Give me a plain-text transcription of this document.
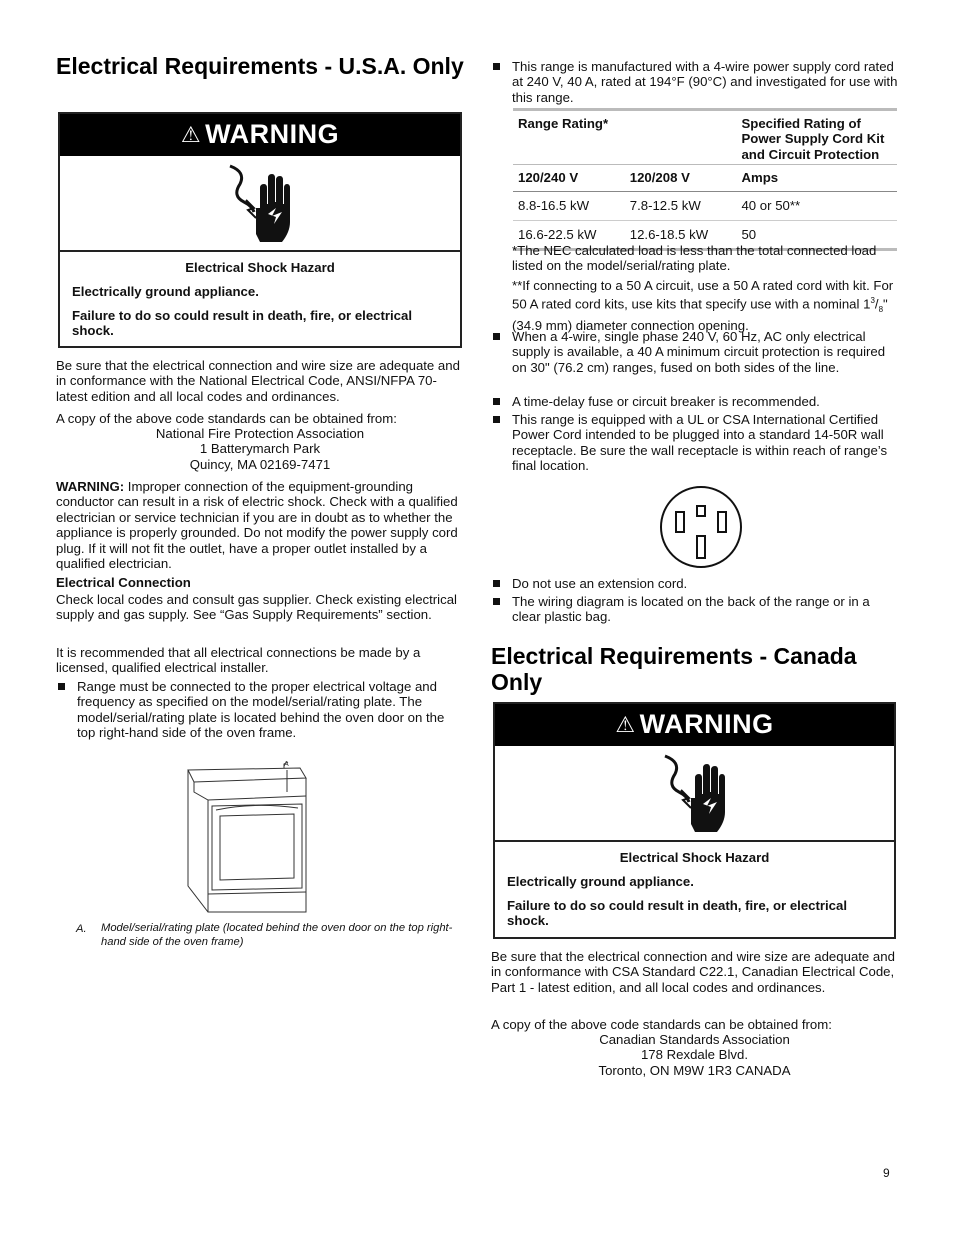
Electrical Requirements - U.S.A. Only
⚠ WARNING

Electrical Shock Hazard

Electrically ground appliance.

Failure to do so could result in death, fire, or electrical shock.

Be sure that the electrical connection and wire size are adequate and in conformance with the National Electrical Code, ANSI/NFPA 70-latest edition and all local codes and ordinances.

A copy of the above code standards can be obtained from:

National Fire Protection Association
1 Batterymarch Park
Quincy, MA 02169-7471

WARNING: Improper connection of the equipment-grounding conductor can result in a risk of electric shock. Check with a qualified electrician or service technician if you are in doubt as to whether the appliance is properly grounded. Do not modify the power supply cord plug. If it will not fit the outlet, have a proper outlet installed by a qualified electrician.

Electrical Connection

Check local codes and consult gas supplier. Check existing electrical supply and gas supply. See “Gas Supply Requirements” section.

It is recommended that all electrical connections be made by a licensed, qualified electrical installer.

Range must be connected to the proper electrical voltage and frequency as specified on the model/serial/rating plate. The model/serial/rating plate is located behind the oven door on the top right-hand side of the oven frame.

A

A.	Model/serial/rating plate (located behind the oven door on the top right-hand side of the oven frame)

This range is manufactured with a 4-wire power supply cord rated at 240 V, 40 A, rated at 194°F (90°C) and investigated for use with this range.

Range Rating*		Specified Rating of Power Supply Cord Kit and Circuit Protection
120/240 V	120/208 V	Amps
8.8-16.5 kW	7.8-12.5 kW	40 or 50**
16.6-22.5 kW	12.6-18.5 kW	50

*The NEC calculated load is less than the total connected load listed on the model/serial/rating plate.

**If connecting to a 50 A circuit, use a 50 A rated cord with kit. For 50 A rated cord kits, use kits that specify use with a nominal $1^3/_8$" (34.9 mm) diameter connection opening.

When a 4-wire, single phase 240 V, 60 Hz, AC only electrical supply is available, a 40 A minimum circuit protection is required on 30" (76.2 cm) ranges, fused on both sides of the line.

A time-delay fuse or circuit breaker is recommended.

This range is equipped with a UL or CSA International Certified Power Cord intended to be plugged into a standard 14-50R wall receptacle. Be sure the wall receptacle is within reach of range’s final location.

Do not use an extension cord.

The wiring diagram is located on the back of the range or in a clear plastic bag.

Electrical Requirements - Canada Only
⚠ WARNING

Electrical Shock Hazard

Electrically ground appliance.

Failure to do so could result in death, fire, or electrical shock.

Be sure that the electrical connection and wire size are adequate and in conformance with CSA Standard C22.1, Canadian Electrical Code, Part 1 - latest edition, and all local codes and ordinances.

A copy of the above code standards can be obtained from:

Canadian Standards Association
178 Rexdale Blvd.
Toronto, ON M9W 1R3 CANADA
9
